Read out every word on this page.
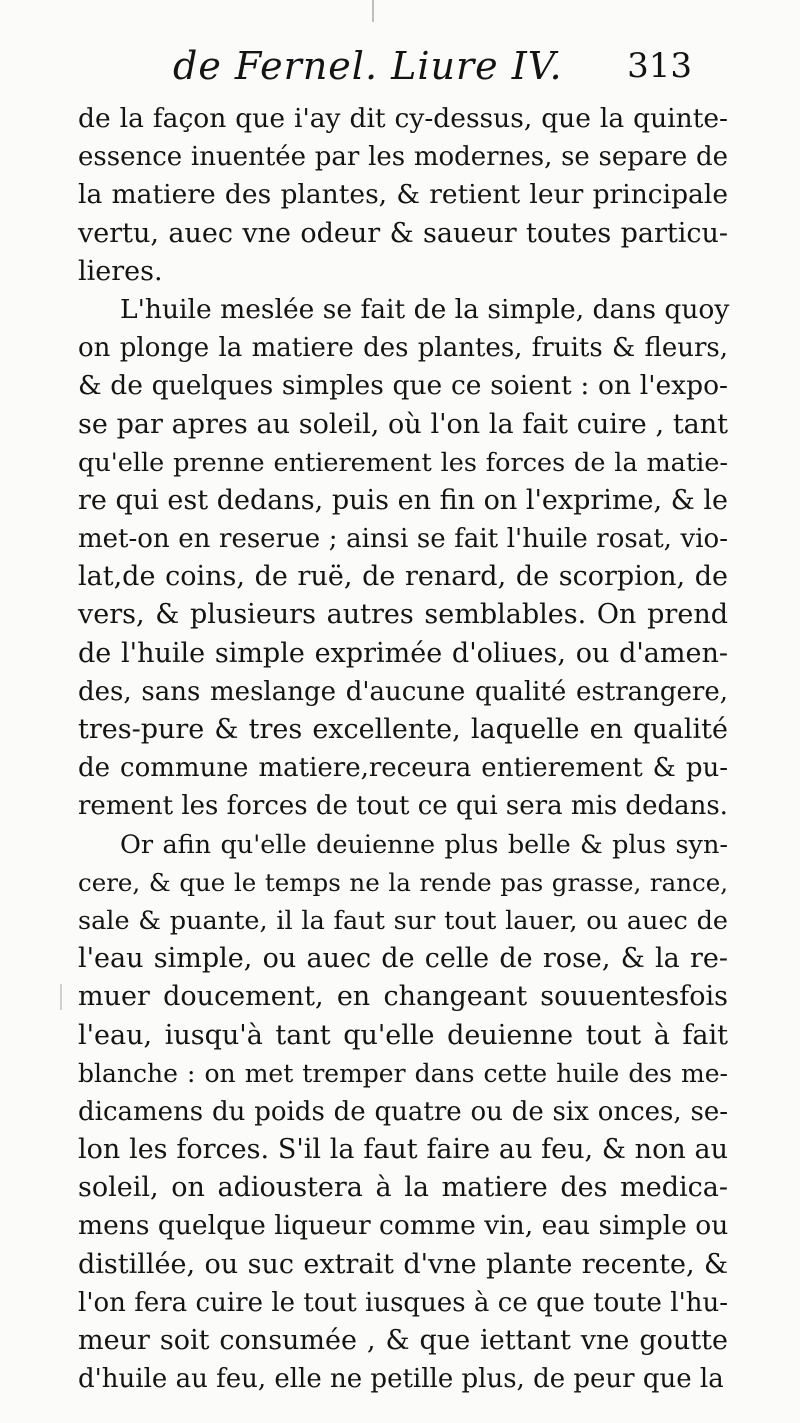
de Fernel. Liure IV. 313
de la façon que i'ay dit cy-dessus, que la quinte-
essence inuentée par les modernes, se separe de
la matiere des plantes, & retient leur principale
vertu, auec vne odeur & saueur toutes particu-
lieres.
L'huile meslée se fait de la simple, dans quoy
on plonge la matiere des plantes, fruits & fleurs,
& de quelques simples que ce soient : on l'expo-
se par apres au soleil, où l'on la fait cuire , tant
qu'elle prenne entierement les forces de la matie-
re qui est dedans, puis en fin on l'exprime, & le
met-on en reserue ; ainsi se fait l'huile rosat, vio-
lat,de coins, de ruë, de renard, de scorpion, de
vers, & plusieurs autres semblables. On prend
de l'huile simple exprimée d'oliues, ou d'amen-
des, sans meslange d'aucune qualité estrangere,
tres-pure & tres excellente, laquelle en qualité
de commune matiere,receura entierement & pu-
rement les forces de tout ce qui sera mis dedans.
Or afin qu'elle deuienne plus belle & plus syn-
cere, & que le temps ne la rende pas grasse, rance,
sale & puante, il la faut sur tout lauer, ou auec de
l'eau simple, ou auec de celle de rose, & la re-
muer doucement, en changeant souuentesfois
l'eau, iusqu'à tant qu'elle deuienne tout à fait
blanche : on met tremper dans cette huile des me-
dicamens du poids de quatre ou de six onces, se-
lon les forces. S'il la faut faire au feu, & non au
soleil, on adioustera à la matiere des medica-
mens quelque liqueur comme vin, eau simple ou
distillée, ou suc extrait d'vne plante recente, &
l'on fera cuire le tout iusques à ce que toute l'hu-
meur soit consumée , & que iettant vne goutte
d'huile au feu, elle ne petille plus, de peur que la
